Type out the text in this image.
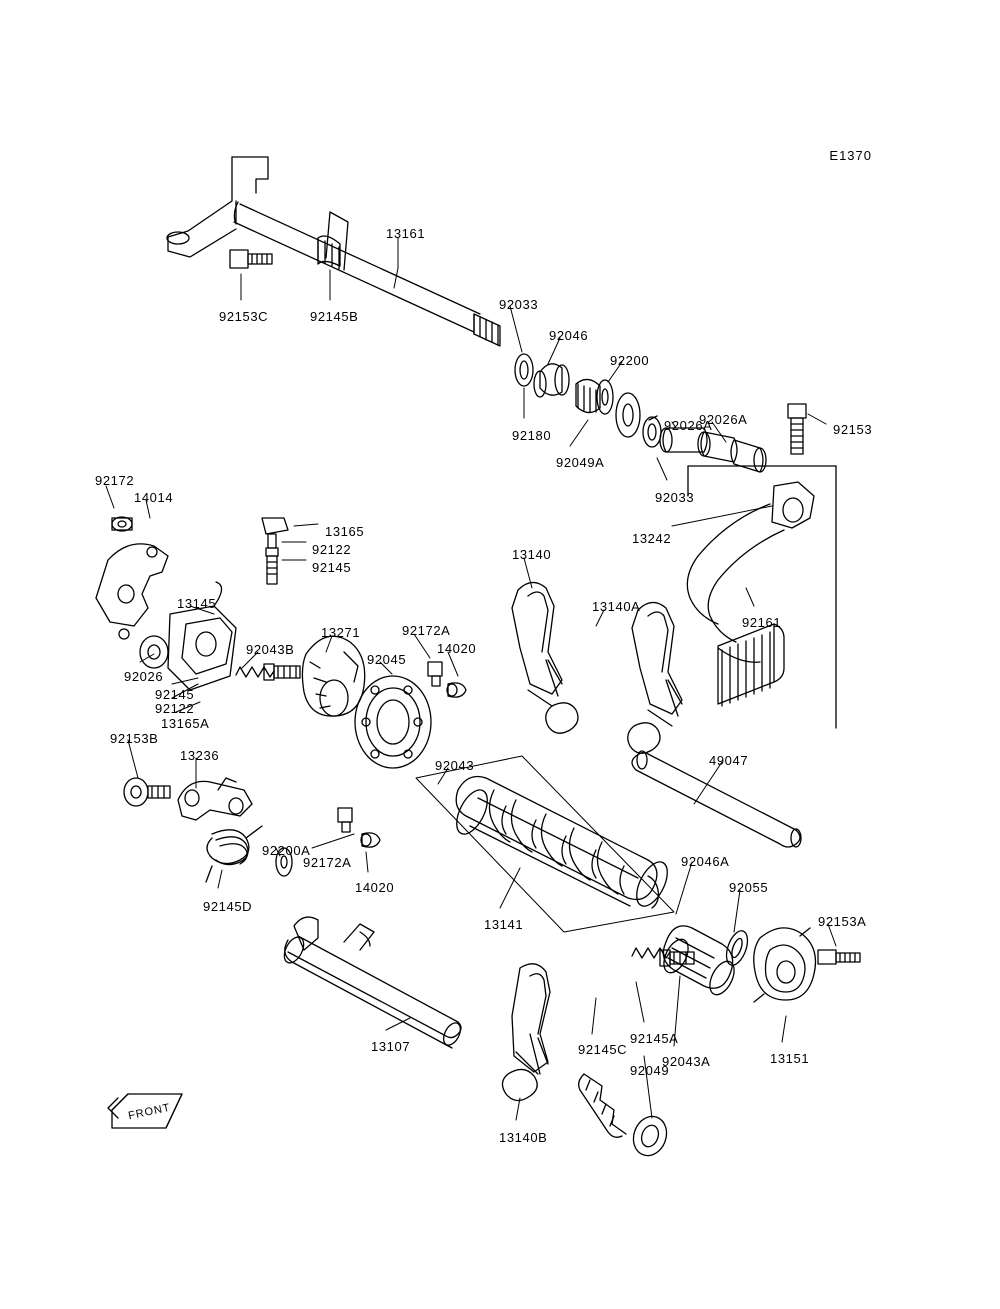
E1370
FRONT
13161
92153C	92145B
92033
92046
92200
92180
92049A
92026A
92026A
92153
92033
13242
92161
92172
14014
13165
92122
92145
13145
13140
13140A
92043B
13271	92172A
14020
92045
92026
92145
92122
13165A
92153B
13236	49047
92043
92200A
92172A
14020
92145D
92046A
92055
92153A
13141
92145A
92043A	13151
13107	92145C
92049
13140B
